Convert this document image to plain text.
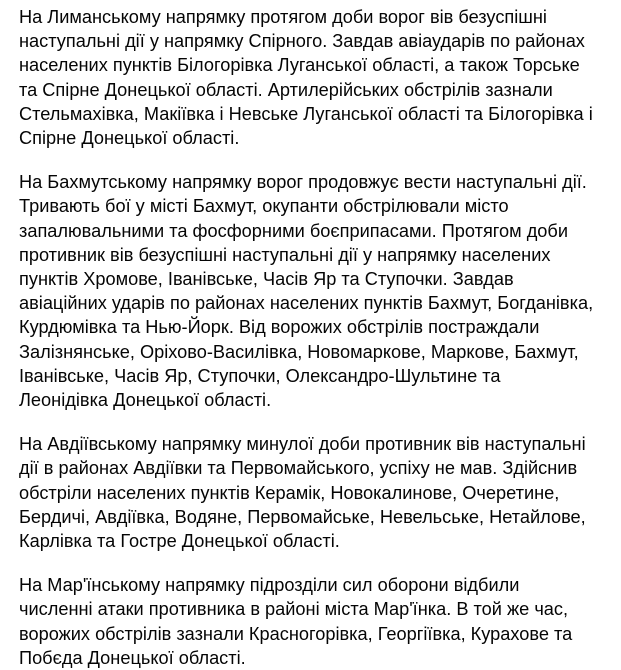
На Лиманському напрямку протягом доби ворог вів безуспішні
наступальні дії у напрямку Спірного. Завдав авіаударів по районах
населених пунктів Білогорівка Луганської області, а також Торське
та Спірне Донецької області. Артилерійських обстрілів зазнали
Стельмахівка, Макіївка і Невське Луганської області та Білогорівка і
Спірне Донецької області.

На Бахмутському напрямку ворог продовжує вести наступальні дії.
Тривають бої у місті Бахмут, окупанти обстрілювали місто
запалювальними та фосфорними боєприпасами. Протягом доби
противник вів безуспішні наступальні дії у напрямку населених
пунктів Хромове, Іванівське, Часів Яр та Ступочки. Завдав
авіаційних ударів по районах населених пунктів Бахмут, Богданівка,
Курдюмівка та Нью-Йорк. Від ворожих обстрілів постраждали
Залізнянське, Оріхово-Василівка, Новомаркове, Маркове, Бахмут,
Іванівське, Часів Яр, Ступочки, Олександро-Шультине та
Леонідівка Донецької області.

На Авдіївському напрямку минулої доби противник вів наступальні
дії в районах Авдіївки та Первомайського, успіху не мав. Здійснив
обстріли населених пунктів Керамік, Новокалинове, Очеретине,
Бердичі, Авдіївка, Водяне, Первомайське, Невельське, Нетайлове,
Карлівка та Гостре Донецької області.

На Мар'їнському напрямку підрозділи сил оборони відбили
численні атаки противника в районі міста Мар'їнка. В той же час,
ворожих обстрілів зазнали Красногорівка, Георгіївка, Курахове та
Побєда Донецької області.
